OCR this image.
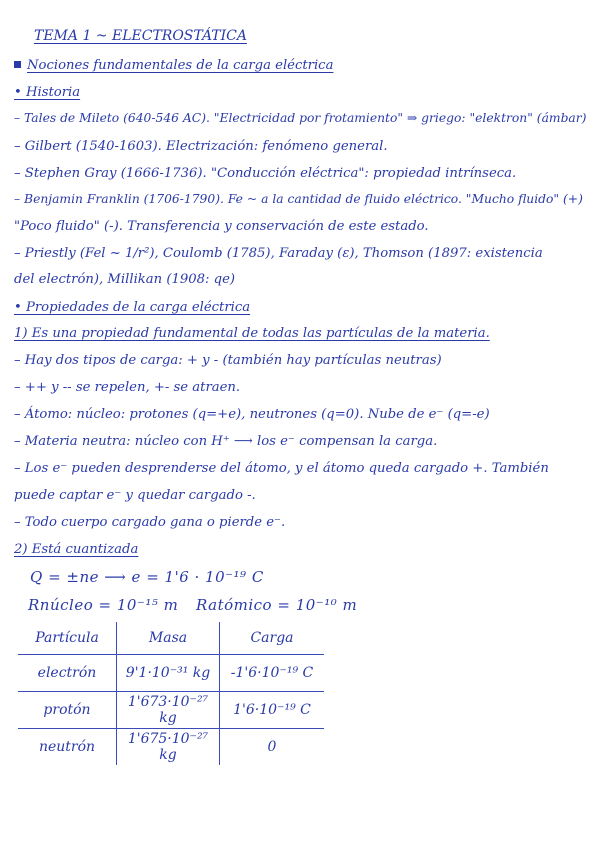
TEMA 1 ~ ELECTROSTÁTICA
Nociones fundamentales de la carga eléctrica
• Historia
– Tales de Mileto (640-546 AC). "Electricidad por frotamiento" ⇒ griego: "elektron" (ámbar)
– Gilbert (1540-1603). Electrización: fenómeno general.
– Stephen Gray (1666-1736). "Conducción eléctrica": propiedad intrínseca.
– Benjamin Franklin (1706-1790). Fe ~ a la cantidad de fluido eléctrico. "Mucho fluido" (+)
"Poco fluido" (-). Transferencia y conservación de este estado.
– Priestly (Fel ~ 1/r²), Coulomb (1785), Faraday (ε), Thomson (1897: existencia
del electrón), Millikan (1908: qe)
• Propiedades de la carga eléctrica
1) Es una propiedad fundamental de todas las partículas de la materia.
– Hay dos tipos de carga: + y - (también hay partículas neutras)
– ++ y -- se repelen, +- se atraen.
– Átomo: núcleo: protones (q=+e), neutrones (q=0). Nube de e⁻ (q=-e)
– Materia neutra: núcleo con H⁺ ⟶ los e⁻ compensan la carga.
– Los e⁻ pueden desprenderse del átomo, y el átomo queda cargado +. También
puede captar e⁻ y quedar cargado -.
– Todo cuerpo cargado gana o pierde e⁻.
2) Está cuantizada
Q = ±ne ⟶ e = 1'6 · 10⁻¹⁹ C
Rnúcleo = 10⁻¹⁵ m Ratómico = 10⁻¹⁰ m
Partícula	Masa	Carga
electrón	9'1·10⁻³¹ kg	-1'6·10⁻¹⁹ C
protón	1'673·10⁻²⁷ kg	1'6·10⁻¹⁹ C
neutrón	1'675·10⁻²⁷ kg	0
